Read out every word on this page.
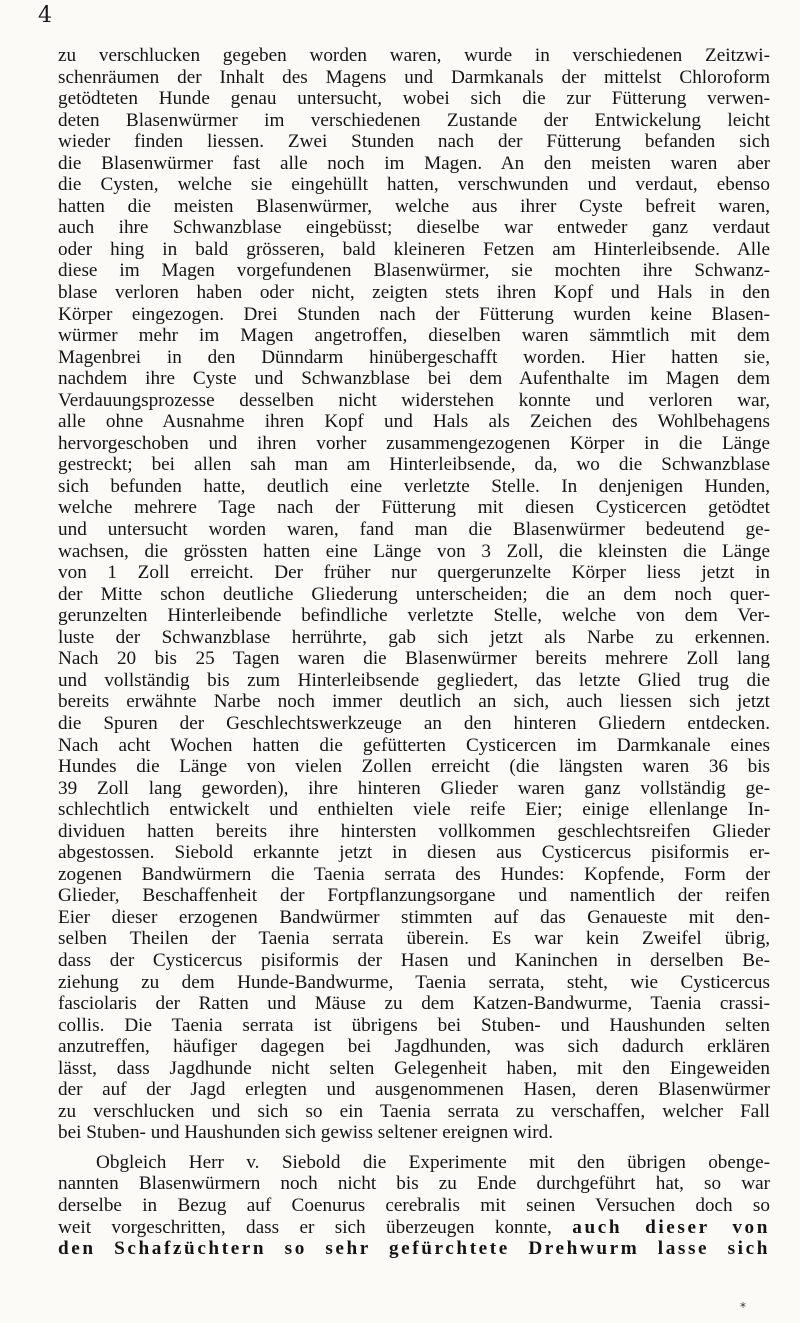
4
zu verschlucken gegeben worden waren, wurde in verschiedenen Zeitzwi-
schenräumen der Inhalt des Magens und Darmkanals der mittelst Chloroform
getödteten Hunde genau untersucht, wobei sich die zur Fütterung verwen-
deten Blasenwürmer im verschiedenen Zustande der Entwickelung leicht
wieder finden liessen. Zwei Stunden nach der Fütterung befanden sich
die Blasenwürmer fast alle noch im Magen. An den meisten waren aber
die Cysten, welche sie eingehüllt hatten, verschwunden und verdaut, ebenso
hatten die meisten Blasenwürmer, welche aus ihrer Cyste befreit waren,
auch ihre Schwanzblase eingebüsst; dieselbe war entweder ganz verdaut
oder hing in bald grösseren, bald kleineren Fetzen am Hinterleibsende. Alle
diese im Magen vorgefundenen Blasenwürmer, sie mochten ihre Schwanz-
blase verloren haben oder nicht, zeigten stets ihren Kopf und Hals in den
Körper eingezogen. Drei Stunden nach der Fütterung wurden keine Blasen-
würmer mehr im Magen angetroffen, dieselben waren sämmtlich mit dem
Magenbrei in den Dünndarm hinübergeschafft worden. Hier hatten sie,
nachdem ihre Cyste und Schwanzblase bei dem Aufenthalte im Magen dem
Verdauungsprozesse desselben nicht widerstehen konnte und verloren war,
alle ohne Ausnahme ihren Kopf und Hals als Zeichen des Wohlbehagens
hervorgeschoben und ihren vorher zusammengezogenen Körper in die Länge
gestreckt; bei allen sah man am Hinterleibsende, da, wo die Schwanzblase
sich befunden hatte, deutlich eine verletzte Stelle. In denjenigen Hunden,
welche mehrere Tage nach der Fütterung mit diesen Cysticercen getödtet
und untersucht worden waren, fand man die Blasenwürmer bedeutend ge-
wachsen, die grössten hatten eine Länge von 3 Zoll, die kleinsten die Länge
von 1 Zoll erreicht. Der früher nur quergerunzelte Körper liess jetzt in
der Mitte schon deutliche Gliederung unterscheiden; die an dem noch quer-
gerunzelten Hinterleibende befindliche verletzte Stelle, welche von dem Ver-
luste der Schwanzblase herrührte, gab sich jetzt als Narbe zu erkennen.
Nach 20 bis 25 Tagen waren die Blasenwürmer bereits mehrere Zoll lang
und vollständig bis zum Hinterleibsende gegliedert, das letzte Glied trug die
bereits erwähnte Narbe noch immer deutlich an sich, auch liessen sich jetzt
die Spuren der Geschlechtswerkzeuge an den hinteren Gliedern entdecken.
Nach acht Wochen hatten die gefütterten Cysticercen im Darmkanale eines
Hundes die Länge von vielen Zollen erreicht (die längsten waren 36 bis
39 Zoll lang geworden), ihre hinteren Glieder waren ganz vollständig ge-
schlechtlich entwickelt und enthielten viele reife Eier; einige ellenlange In-
dividuen hatten bereits ihre hintersten vollkommen geschlechtsreifen Glieder
abgestossen. Siebold erkannte jetzt in diesen aus Cysticercus pisiformis er-
zogenen Bandwürmern die Taenia serrata des Hundes: Kopfende, Form der
Glieder, Beschaffenheit der Fortpflanzungsorgane und namentlich der reifen
Eier dieser erzogenen Bandwürmer stimmten auf das Genaueste mit den-
selben Theilen der Taenia serrata überein. Es war kein Zweifel übrig,
dass der Cysticercus pisiformis der Hasen und Kaninchen in derselben Be-
ziehung zu dem Hunde-Bandwurme, Taenia serrata, steht, wie Cysticercus
fasciolaris der Ratten und Mäuse zu dem Katzen-Bandwurme, Taenia crassi-
collis. Die Taenia serrata ist übrigens bei Stuben- und Haushunden selten
anzutreffen, häufiger dagegen bei Jagdhunden, was sich dadurch erklären
lässt, dass Jagdhunde nicht selten Gelegenheit haben, mit den Eingeweiden
der auf der Jagd erlegten und ausgenommenen Hasen, deren Blasenwürmer
zu verschlucken und sich so ein Taenia serrata zu verschaffen, welcher Fall
bei Stuben- und Haushunden sich gewiss seltener ereignen wird.
Obgleich Herr v. Siebold die Experimente mit den übrigen obenge-
nannten Blasenwürmern noch nicht bis zu Ende durchgeführt hat, so war
derselbe in Bezug auf Coenurus cerebralis mit seinen Versuchen doch so
weit vorgeschritten, dass er sich überzeugen konnte, auch dieser von
den Schafzüchtern so sehr gefürchtete Drehwurm lasse sich
*
